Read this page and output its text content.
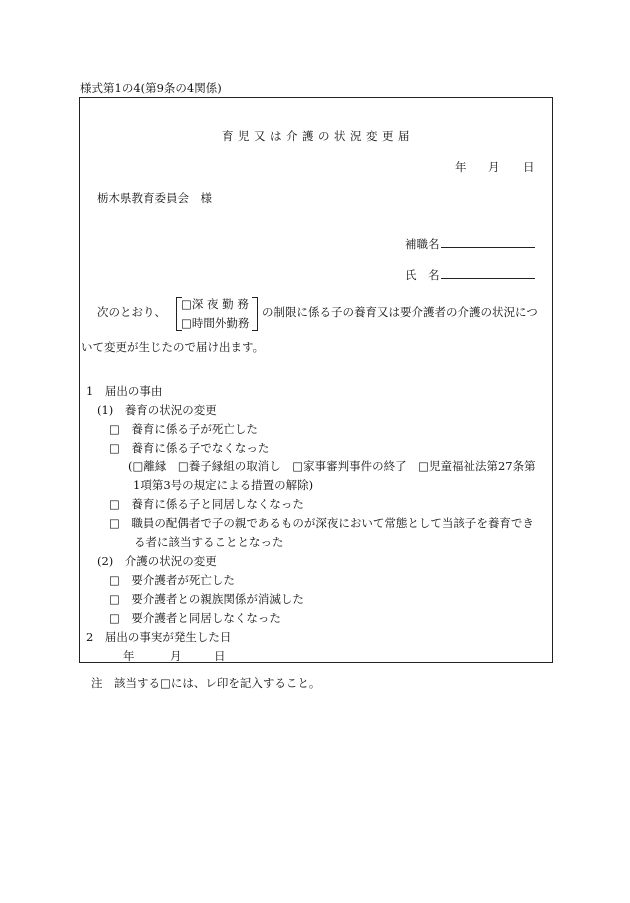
様式第1の4(第9条の4関係)
育児又は介護の状況変更届
年 月 日
栃木県教育委員会　様
補職名
氏　名
次のとおり、
□深 夜 勤 務
□時間外勤務
の制限に係る子の養育又は要介護者の介護の状況につ
いて変更が生じたので届け出ます。
1　届出の事由
(1)　養育の状況の変更
□　養育に係る子が死亡した
□　養育に係る子でなくなった
(□離縁　□養子縁組の取消し　□家事審判事件の終了　□児童福祉法第27条第
1項第3号の規定による措置の解除)
□　養育に係る子と同居しなくなった
□　職員の配偶者で子の親であるものが深夜において常態として当該子を養育でき
る者に該当することとなった
(2)　介護の状況の変更
□　要介護者が死亡した
□　要介護者との親族関係が消滅した
□　要介護者と同居しなくなった
2　届出の事実が発生した日
年	月	日
注　該当する□には、レ印を記入すること。
